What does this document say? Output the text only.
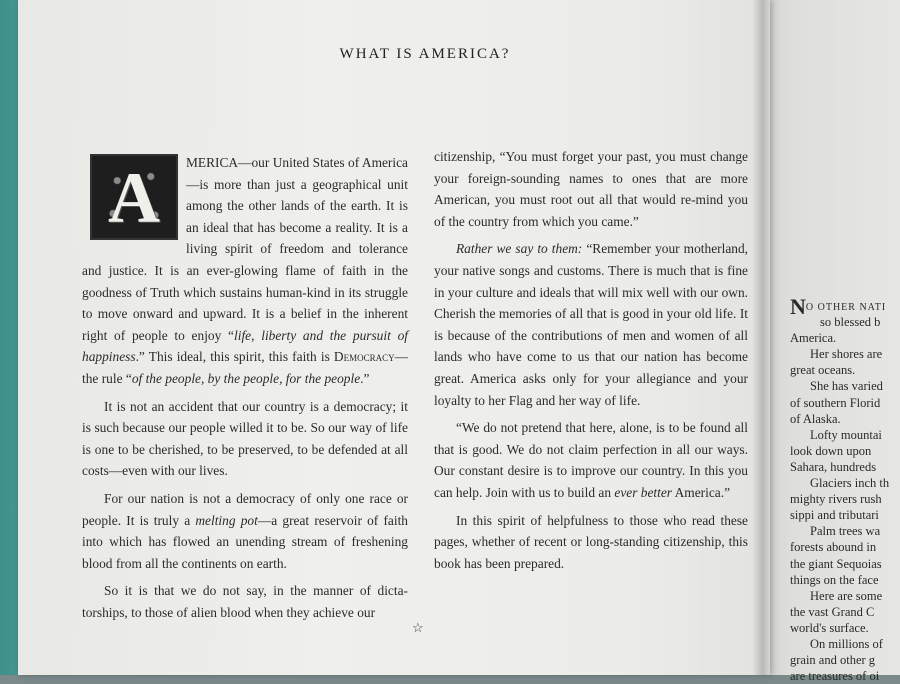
WHAT IS AMERICA?

A	MERICA—our United States of America —is more than just a geographical unit among the other lands of the earth. It is an ideal that has become a reality. It is a living spirit of freedom and tolerance and justice. It is an ever-glowing flame of faith in the goodness of Truth which sustains human-kind in its struggle to move onward and upward. It is a belief in the inherent right of people to enjoy “life, liberty and the pursuit of happiness.” This ideal, this spirit, this faith is Democracy—the rule “of the people, by the people, for the people.”

It is not an accident that our country is a democracy; it is such because our people willed it to be. So our way of life is one to be cherished, to be preserved, to be defended at all costs—even with our lives.

For our nation is not a democracy of only one race or people. It is truly a melting pot—a great reservoir of faith into which has flowed an unending stream of freshening blood from all the continents on earth.

So it is that we do not say, in the manner of dicta-torships, to those of alien blood when they achieve our

citizenship, “You must forget your past, you must change your foreign-sounding names to ones that are more American, you must root out all that would re-mind you of the country from which you came.”

Rather we say to them: “Remember your motherland, your native songs and customs. There is much that is fine in your culture and ideals that will mix well with our own. Cherish the memories of all that is good in your old life. It is because of the contributions of men and women of all lands who have come to us that our nation has become great. America asks only for your allegiance and your loyalty to her Flag and her way of life.

“We do not pretend that here, alone, is to be found all that is good. We do not claim perfection in all our ways. Our constant desire is to improve our country. In this you can help. Join with us to build an ever better America.”

In this spirit of helpfulness to those who read these pages, whether of recent or long-standing citizenship, this book has been prepared.

☆
NO OTHER NATI
so blessed b
America.
Her shores are
great oceans.
She has varied
of southern Florid
of Alaska.
Lofty mountai
look down upon
Sahara, hundreds
Glaciers inch th
mighty rivers rush
sippi and tributari
Palm trees wa
forests abound in
the giant Sequoias
things on the face
Here are some
the vast Grand C
world's surface.
On millions of
grain and other g
are treasures of oi
